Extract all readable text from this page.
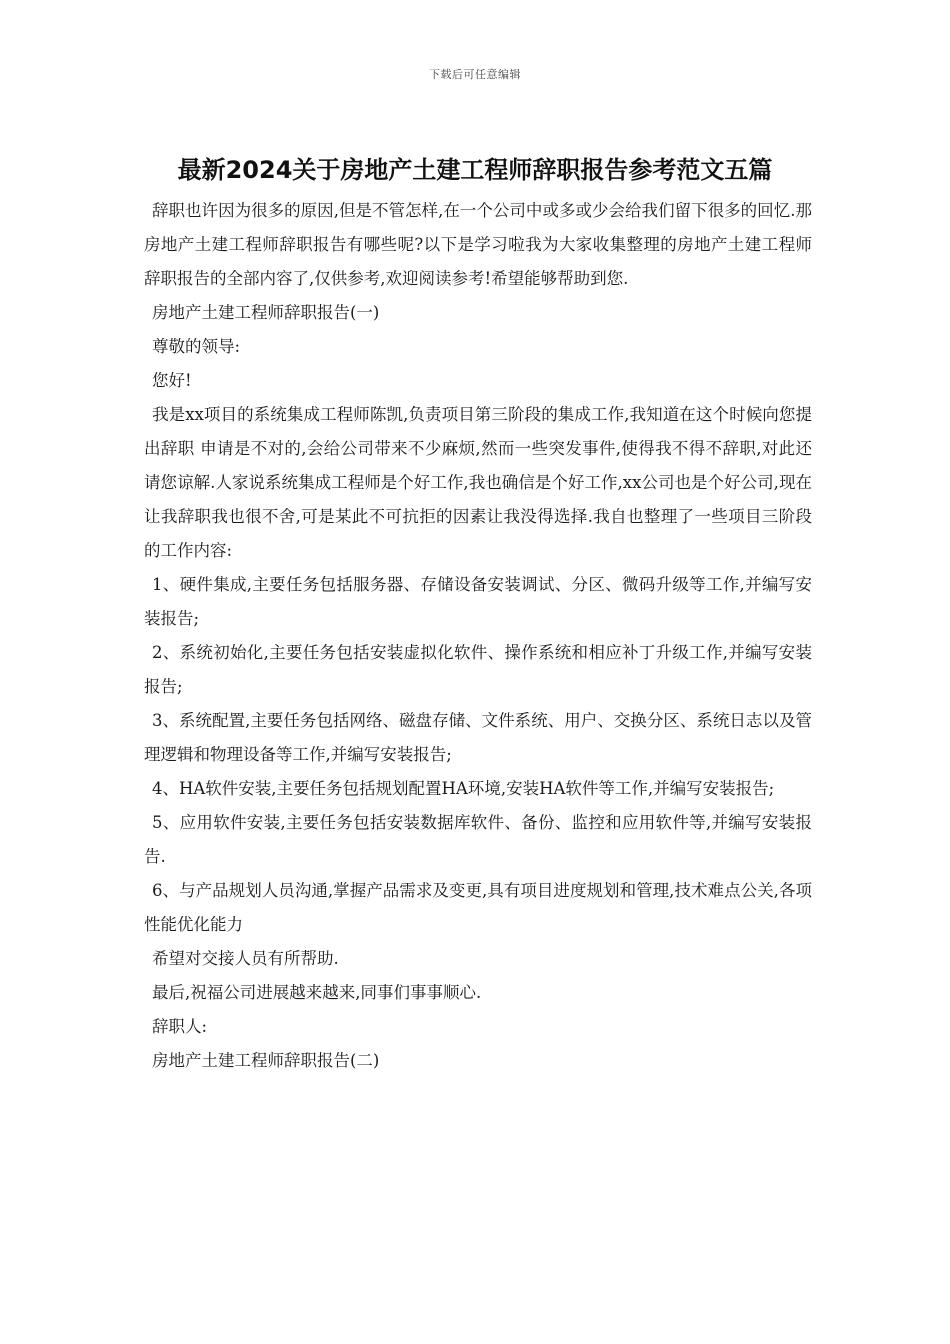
下载后可任意编辑
最新2024关于房地产土建工程师辞职报告参考范文五篇

辞职也许因为很多的原因,但是不管怎样,在一个公司中或多或少会给我们留下很多的回忆.那房地产土建工程师辞职报告有哪些呢?以下是学习啦我为大家收集整理的房地产土建工程师辞职报告的全部内容了,仅供参考,欢迎阅读参考!希望能够帮助到您.

房地产土建工程师辞职报告(一)

尊敬的领导:

您好!

我是xx项目的系统集成工程师陈凯,负责项目第三阶段的集成工作,我知道在这个时候向您提出辞职 申请是不对的,会给公司带来不少麻烦,然而一些突发事件,使得我不得不辞职,对此还请您谅解.人家说系统集成工程师是个好工作,我也确信是个好工作,xx公司也是个好公司,现在让我辞职我也很不舍,可是某此不可抗拒的因素让我没得选择.我自也整理了一些项目三阶段的工作内容:

1、硬件集成,主要任务包括服务器、存储设备安装调试、分区、微码升级等工作,并编写安装报告;

2、系统初始化,主要任务包括安装虚拟化软件、操作系统和相应补丁升级工作,并编写安装报告;

3、系统配置,主要任务包括网络、磁盘存储、文件系统、用户、交换分区、系统日志以及管理逻辑和物理设备等工作,并编写安装报告;

4、HA软件安装,主要任务包括规划配置HA环境,安装HA软件等工作,并编写安装报告;

5、应用软件安装,主要任务包括安装数据库软件、备份、监控和应用软件等,并编写安装报告.

6、与产品规划人员沟通,掌握产品需求及变更,具有项目进度规划和管理,技术难点公关,各项性能优化能力

希望对交接人员有所帮助.

最后,祝福公司进展越来越来,同事们事事顺心.

辞职人:

房地产土建工程师辞职报告(二)
